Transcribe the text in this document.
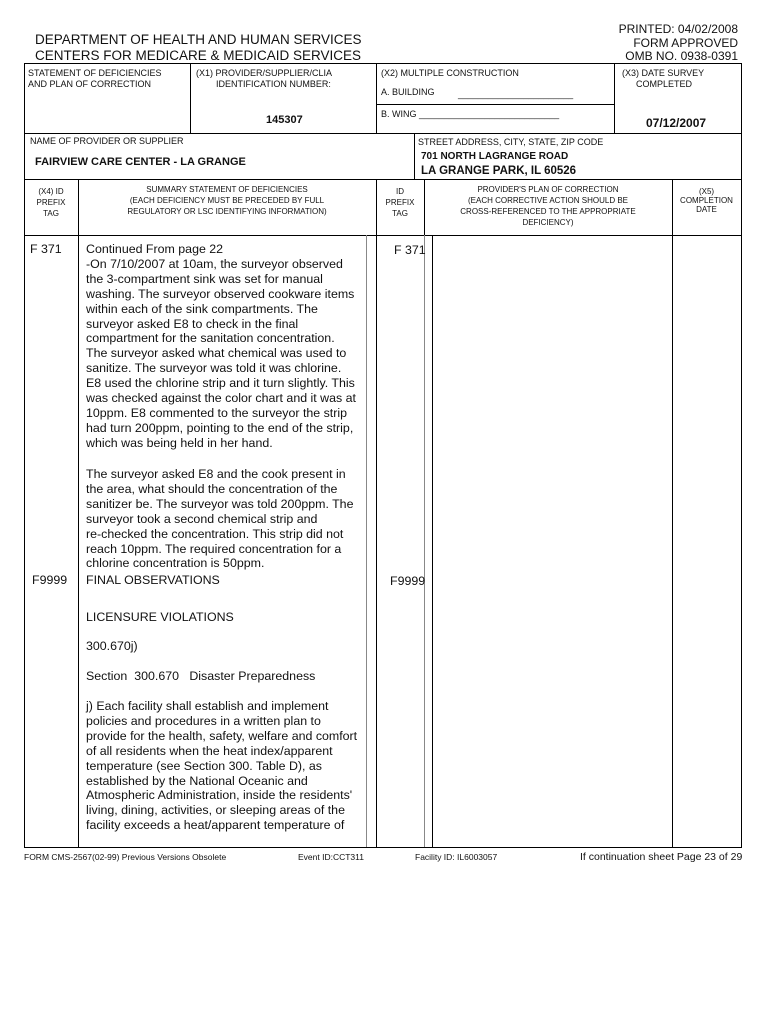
DEPARTMENT OF HEALTH AND HUMAN SERVICES
CENTERS FOR MEDICARE & MEDICAID SERVICES
PRINTED: 04/02/2008
FORM APPROVED
OMB NO. 0938-0391
STATEMENT OF DEFICIENCIES
AND PLAN OF CORRECTION
(X1) PROVIDER/SUPPLIER/CLIA
IDENTIFICATION NUMBER:
145307
(X2) MULTIPLE CONSTRUCTION
A. BUILDING	_______________________
B. WING ____________________________
(X3) DATE SURVEY
COMPLETED
07/12/2007
NAME OF PROVIDER OR SUPPLIER
FAIRVIEW CARE CENTER - LA GRANGE
STREET ADDRESS, CITY, STATE, ZIP CODE
701 NORTH LAGRANGE ROAD
LA GRANGE PARK, IL 60526
(X4) ID
PREFIX
TAG
SUMMARY STATEMENT OF DEFICIENCIES
(EACH DEFICIENCY MUST BE PRECEDED BY FULL
REGULATORY OR LSC IDENTIFYING INFORMATION)
ID
PREFIX
TAG
PROVIDER'S PLAN OF CORRECTION
(EACH CORRECTIVE ACTION SHOULD BE
CROSS-REFERENCED TO THE APPROPRIATE
DEFICIENCY)
(X5)
COMPLETION
DATE
F 371	F 371
Continued From page 22
-On 7/10/2007 at 10am, the surveyor observed
the 3-compartment sink was set for manual
washing. The surveyor observed cookware items
within each of the sink compartments. The
surveyor asked E8 to check in the final
compartment for the sanitation concentration.
The surveyor asked what chemical was used to
sanitize. The surveyor was told it was chlorine.
E8 used the chlorine strip and it turn slightly. This
was checked against the color chart and it was at
10ppm. E8 commented to the surveyor the strip
had turn 200ppm, pointing to the end of the strip,
which was being held in her hand.
The surveyor asked E8 and the cook present in
the area, what should the concentration of the
sanitizer be. The surveyor was told 200ppm. The
surveyor took a second chemical strip and
re-checked the concentration. This strip did not
reach 10ppm. The required concentration for a
chlorine concentration is 50ppm.
F9999	F9999
FINAL OBSERVATIONS
LICENSURE VIOLATIONS
300.670j)
Section  300.670   Disaster Preparedness
j) Each facility shall establish and implement
policies and procedures in a written plan to
provide for the health, safety, welfare and comfort
of all residents when the heat index/apparent
temperature (see Section 300. Table D), as
established by the National Oceanic and
Atmospheric Administration, inside the residents'
living, dining, activities, or sleeping areas of the
facility exceeds a heat/apparent temperature of
FORM CMS-2567(02-99) Previous Versions Obsolete	Event ID:CCT311	Facility ID: IL6003057	If continuation sheet Page 23 of 29
